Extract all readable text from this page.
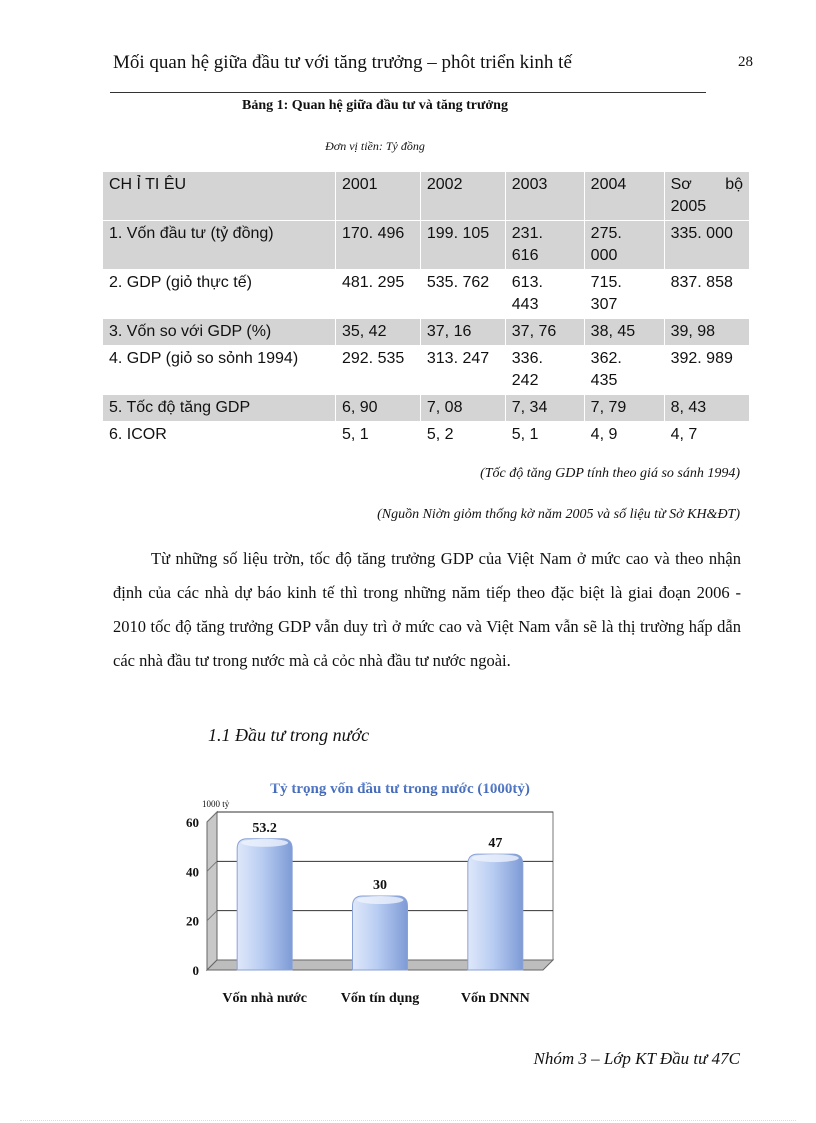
Mối quan hệ giữa đầu tư với tăng trưởng – phôt triển kinh tế	28
Bảng 1: Quan hệ giữa đầu tư và tăng trưởng
Đơn vị tiền: Tỷ đồng
CH Ỉ TI ÊU	2001	2002	2003	2004	Sơ bộ 2005
1. Vốn đầu tư (tỷ đồng)	170. 496	199. 105	231. 616	275. 000	335. 000
2. GDP (giỏ thực tế)	481. 295	535. 762	613. 443	715. 307	837. 858
3. Vốn so với GDP (%)	35, 42	37, 16	37, 76	38, 45	39, 98
4. GDP (giỏ so sỏnh 1994)	292. 535	313. 247	336. 242	362. 435	392. 989
5. Tốc độ tăng GDP	6, 90	7, 08	7, 34	7, 79	8, 43
6. ICOR	5, 1	5, 2	5, 1	4, 9	4, 7
(Tốc độ tăng GDP tính theo giá so sánh 1994)
(Nguồn Niờn giỏm thống kờ năm 2005 và số liệu từ Sở KH&ĐT)

Từ những số liệu trờn, tốc độ tăng trưởng GDP của Việt Nam ở mức cao và theo nhận định của các nhà dự báo kinh tế thì trong những năm tiếp theo đặc biệt là giai đoạn 2006 - 2010 tốc độ tăng trưởng GDP vẫn duy trì ở mức cao và Việt Nam vẫn sẽ là thị trường hấp dẫn các nhà đầu tư trong nước mà cả cỏc nhà đầu tư nước ngoài.

1.1 Đầu tư trong nước
Tỷ trọng vốn đầu tư trong nước (1000tỷ)
1000 tỷ
0
20
40
60	53.2
30
47
Vốn nhà nước Vốn tín dụng	Vốn DNNN
Nhóm 3 – Lớp KT Đầu tư 47C
